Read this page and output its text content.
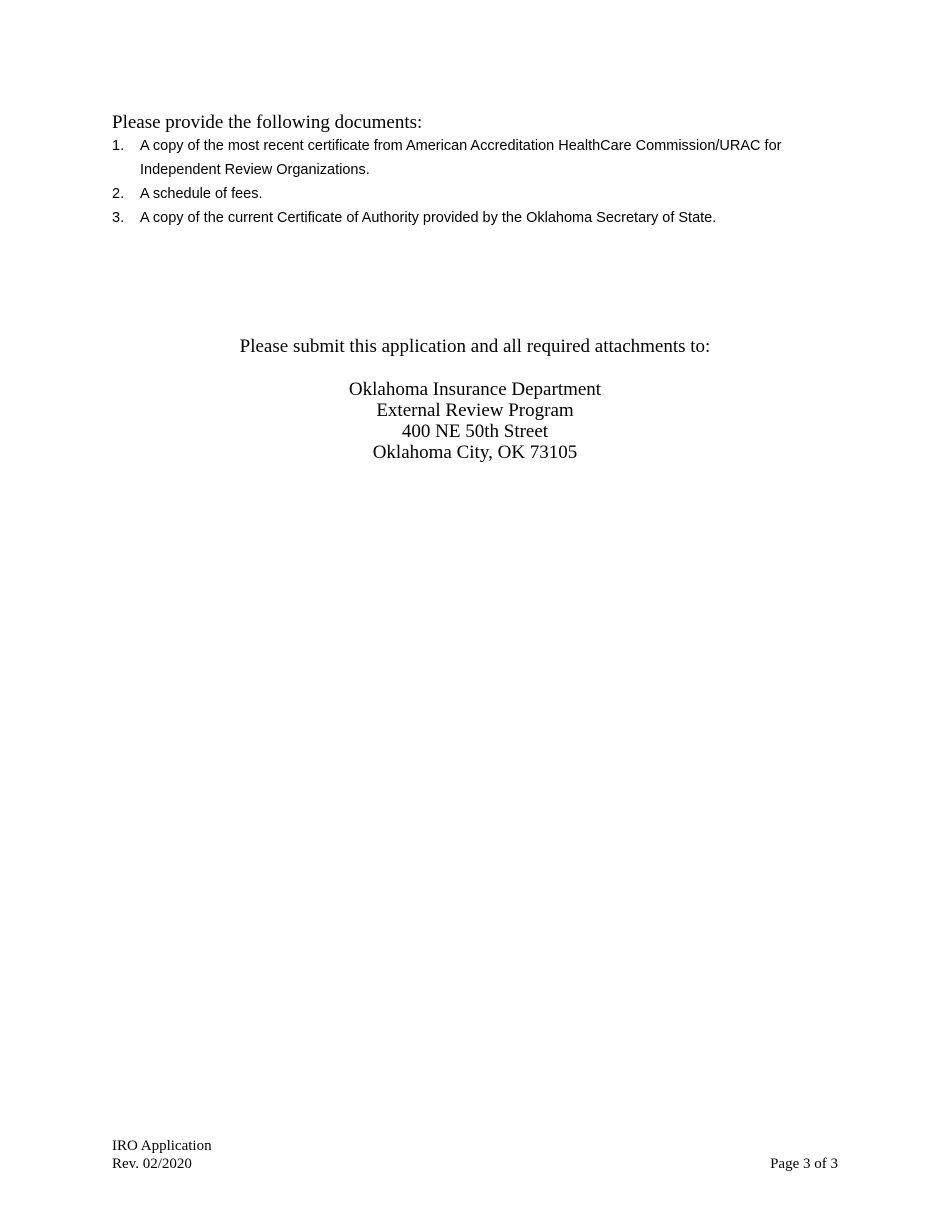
Please provide the following documents:

1.	A copy of the most recent certificate from American Accreditation HealthCare Commission/URAC for Independent Review Organizations.
2.	A schedule of fees.
3.	A copy of the current Certificate of Authority provided by the Oklahoma Secretary of State.

Please submit this application and all required attachments to:

Oklahoma Insurance Department

External Review Program

400 NE 50th Street

Oklahoma City, OK 73105

IRO Application
Rev. 02/2020	Page 3 of 3
